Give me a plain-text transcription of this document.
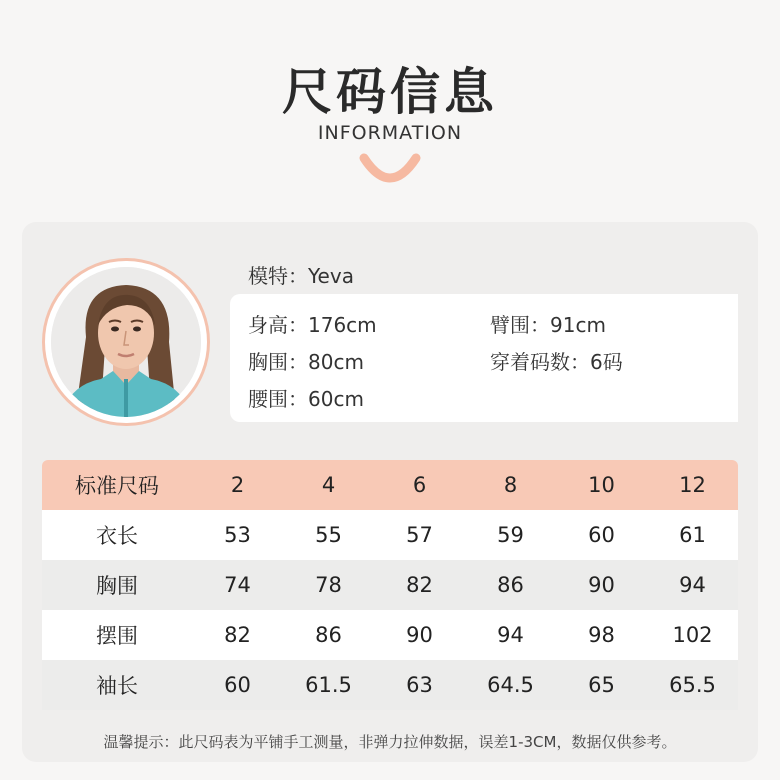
尺码信息
INFORMATION
模特：Yeva
身高：176cm	臂围：91cm
胸围：80cm	穿着码数：6码
腰围：60cm
标准尺码	2	4	6	8	10	12
衣长	53	55	57	59	60	61
胸围	74	78	82	86	90	94
摆围	82	86	90	94	98	102
袖长	60	61.5	63	64.5	65	65.5
温馨提示：此尺码表为平铺手工测量，非弹力拉伸数据，误差1-3CM，数据仅供参考。
